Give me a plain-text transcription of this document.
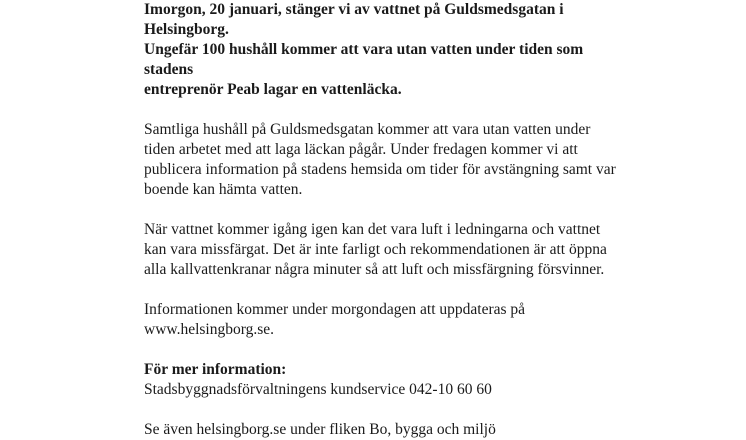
Imorgon, 20 januari, stänger vi av vattnet på Guldsmedsgatan i Helsingborg.
Ungefär 100 hushåll kommer att vara utan vatten under tiden som stadens
entreprenör Peab lagar en vattenläcka.

Samtliga hushåll på Guldsmedsgatan kommer att vara utan vatten under
tiden arbetet med att laga läckan pågår. Under fredagen kommer vi att
publicera information på stadens hemsida om tider för avstängning samt var
boende kan hämta vatten.

När vattnet kommer igång igen kan det vara luft i ledningarna och vattnet
kan vara missfärgat. Det är inte farligt och rekommendationen är att öppna
alla kallvattenkranar några minuter så att luft och missfärgning försvinner.

Informationen kommer under morgondagen att uppdateras på
www.helsingborg.se.

För mer information:

Stadsbyggnadsförvaltningens kundservice 042-10 60 60

Se även helsingborg.se under fliken Bo, bygga och miljö
